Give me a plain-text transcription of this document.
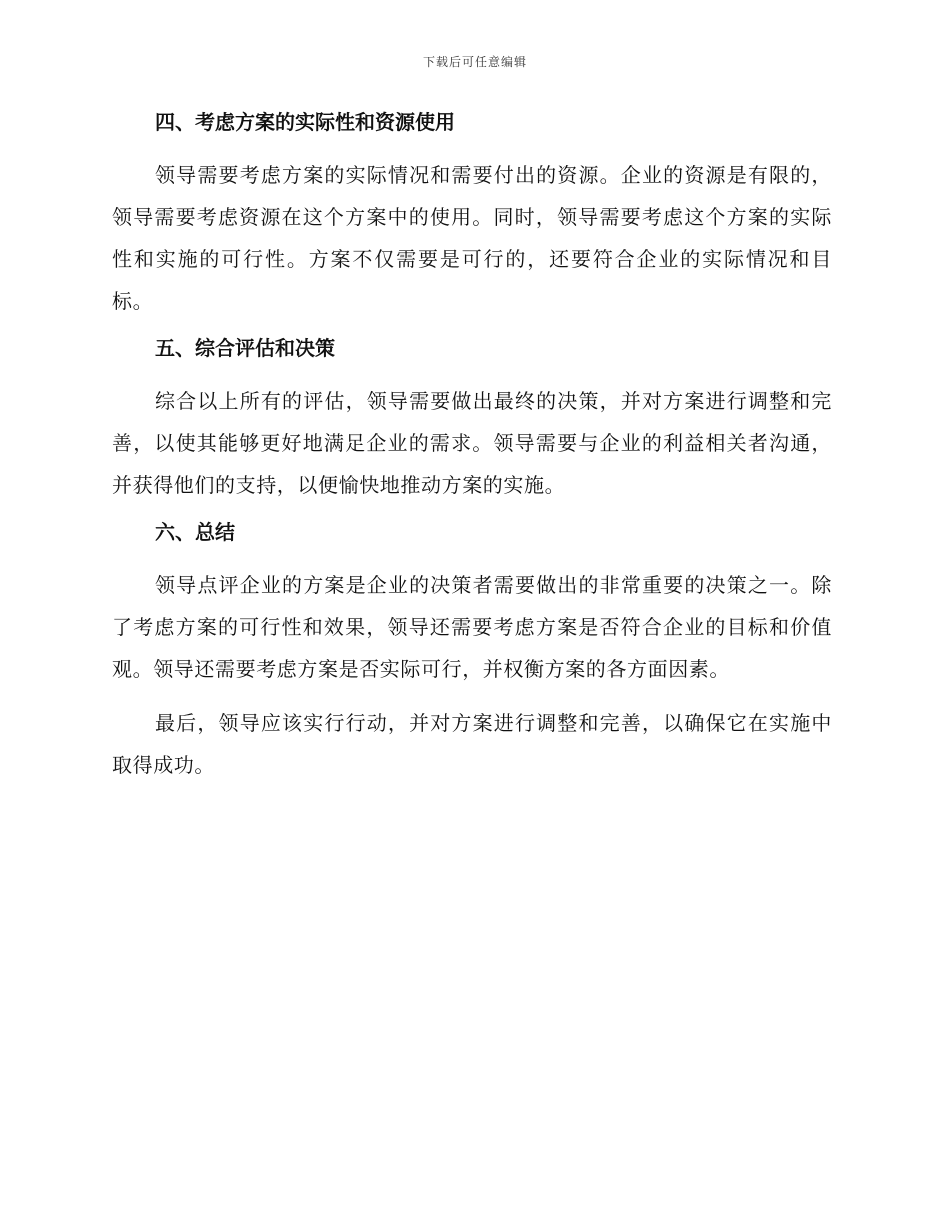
下载后可任意编辑
四、考虑方案的实际性和资源使用

领导需要考虑方案的实际情况和需要付出的资源。企业的资源是有限的，领导需要考虑资源在这个方案中的使用。同时，领导需要考虑这个方案的实际性和实施的可行性。方案不仅需要是可行的，还要符合企业的实际情况和目标。

五、综合评估和决策

综合以上所有的评估，领导需要做出最终的决策，并对方案进行调整和完善，以使其能够更好地满足企业的需求。领导需要与企业的利益相关者沟通，并获得他们的支持，以便愉快地推动方案的实施。

六、总结

领导点评企业的方案是企业的决策者需要做出的非常重要的决策之一。除了考虑方案的可行性和效果，领导还需要考虑方案是否符合企业的目标和价值观。领导还需要考虑方案是否实际可行，并权衡方案的各方面因素。

最后，领导应该实行行动，并对方案进行调整和完善，以确保它在实施中取得成功。
